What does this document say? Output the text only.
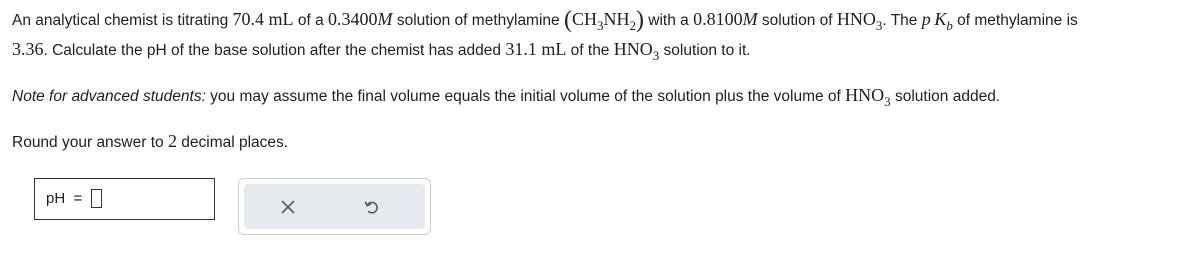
An analytical chemist is titrating 70.4 mL of a 0.3400M solution of methylamine $(CH_3NH_2)$ with a 0.8100M solution of $HNO_3$. The p  $K_b$ of methylamine is
3.36. Calculate the pH of the base solution after the chemist has added 31.1 mL of the $HNO_3$ solution to it.
Note for advanced students: you may assume the final volume equals the initial volume of the solution plus the volume of $HNO_3$ solution added.
Round your answer to 2 decimal places.
pH =
